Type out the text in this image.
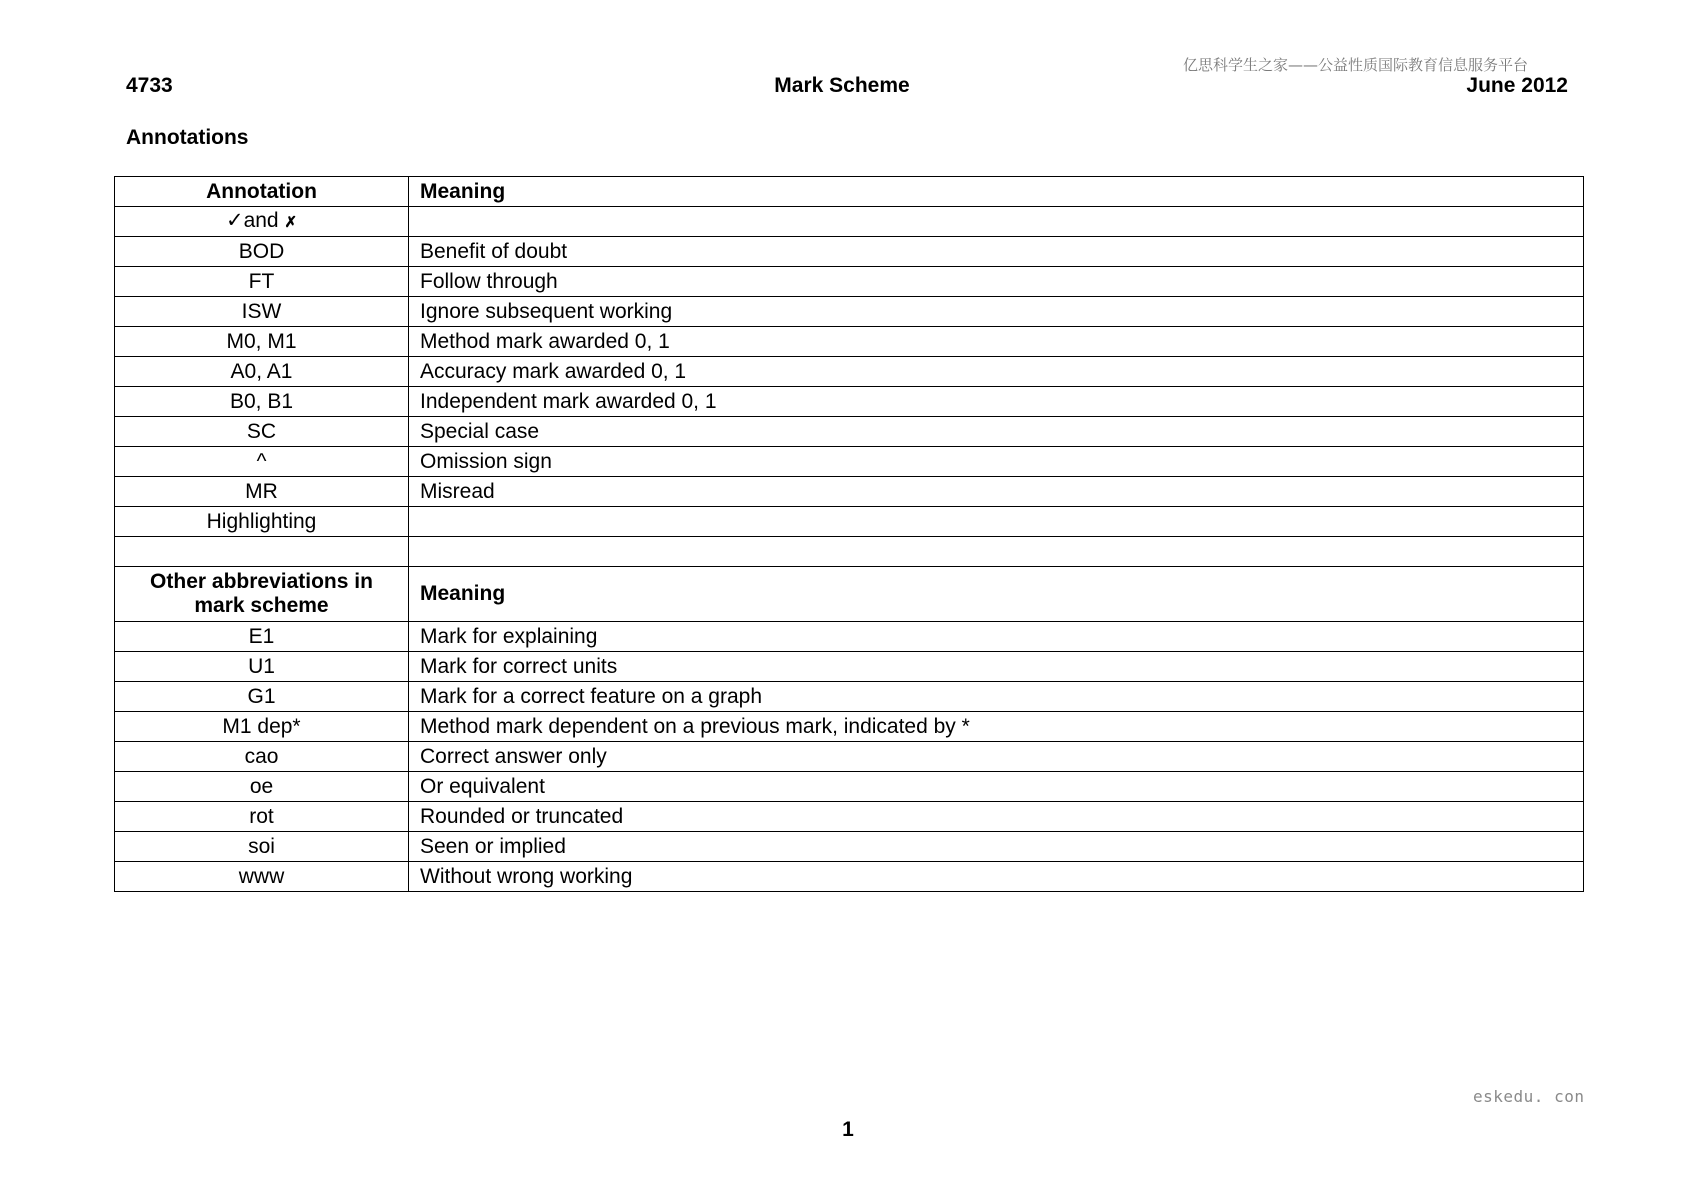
亿思科学生之家——公益性质国际教育信息服务平台
4733	Mark Scheme	June 2012
Annotations
Annotation	Meaning
✓and ✗	
BOD	Benefit of doubt
FT	Follow through
ISW	Ignore subsequent working
M0, M1	Method mark awarded 0, 1
A0, A1	Accuracy mark awarded 0, 1
B0, B1	Independent mark awarded 0, 1
SC	Special case
^	Omission sign
MR	Misread
Highlighting	

Other abbreviations in mark scheme	Meaning
E1	Mark for explaining
U1	Mark for correct units
G1	Mark for a correct feature on a graph
M1 dep*	Method mark dependent on a previous mark, indicated by *
cao	Correct answer only
oe	Or equivalent
rot	Rounded or truncated
soi	Seen or implied
www	Without wrong working
eskedu. con
1
